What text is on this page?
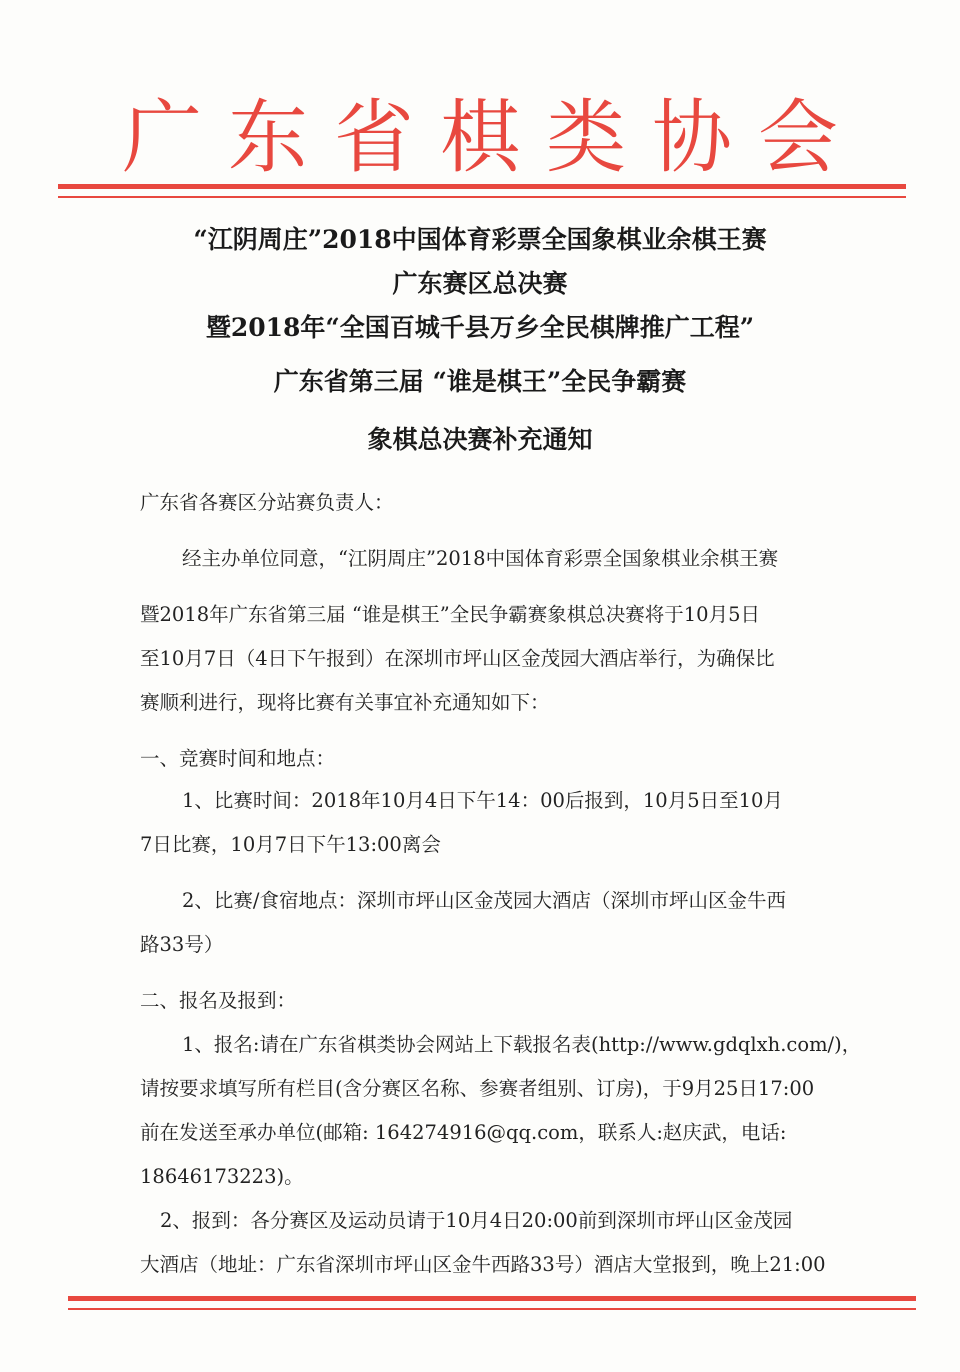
广东省棋类协会
“江阴周庄”2018中国体育彩票全国象棋业余棋王赛
广东赛区总决赛
暨2018年“全国百城千县万乡全民棋牌推广工程”
广东省第三届 “谁是棋王”全民争霸赛
象棋总决赛补充通知
广东省各赛区分站赛负责人：
经主办单位同意，“江阴周庄”2018中国体育彩票全国象棋业余棋王赛
暨2018年广东省第三届 “谁是棋王”全民争霸赛象棋总决赛将于10月5日
至10月7日（4日下午报到）在深圳市坪山区金茂园大酒店举行，为确保比
赛顺利进行，现将比赛有关事宜补充通知如下：
一、竞赛时间和地点：
1、比赛时间：2018年10月4日下午14：00后报到，10月5日至10月
7日比赛，10月7日下午13:00离会
2、比赛/食宿地点：深圳市坪山区金茂园大酒店（深圳市坪山区金牛西
路33号）
二、报名及报到：
1、报名:请在广东省棋类协会网站上下载报名表(http://www.gdqlxh.com/)，
请按要求填写所有栏目(含分赛区名称、参赛者组别、订房)，于9月25日17:00
前在发送至承办单位(邮箱: 164274916@qq.com，联系人:赵庆武，电话:
18646173223)。
2、报到：各分赛区及运动员请于10月4日20:00前到深圳市坪山区金茂园
大酒店（地址：广东省深圳市坪山区金牛西路33号）酒店大堂报到，晚上21:00
